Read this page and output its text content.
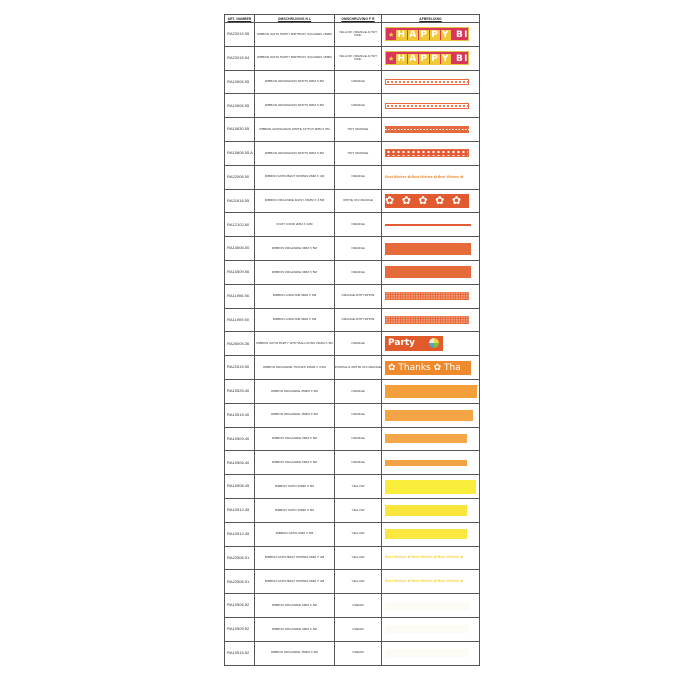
ART. NUMBER	OMSCHRIJVING N L	OMSCHRIJVING F R	AFBEELDING
RA22015.55	RIBBON SATIN HAPPY BIRTHDAY SQUARES 15MM	YELLOW, ORANGE & HOT PINK	★ H A P P Y BI

RA22015.54	RIBBON SATIN HAPPY BIRTHDAY SQUARES 15MM	YELLOW, ORANGE & HOT PINK	★ H A P P Y BI

RA10606.55	RIBBON GROSGRAIN SPOTS 6MM X 5M	ORANGE	

RA10606.55	RIBBON GROSGRAIN SPOTS 9MM X 5M	ORANGE	

RA10630.55	RIBBON GROSGRAIN WHITE STITCH 9MM X 5M	HOT ORANGE	

RA10606.55 A	RIBBON GROSGRAIN SPOTS 9MM X 5M	HOT ORANGE	

RA22506.50	RIBBON SATIN BEST WISHES 6MM X 4M	ORANGE	Best Wishes ✿ Best Wishes ✿ Best Wishes ✿

RA21616.55	RIBBON ORGANDIE DAISY 15MM X 3.5M	WHITE ON ORANGE	✿ ✿ ✿ ✿ ✿ ✿

RA12102.60	KNOT CORD 2MM X 10M	ORANGE	

RA10606.50	RIBBON ORGANDIE 9MM X 5M	ORANGE	

RA10509.56	RIBBON ORGANDIE 9MM X 5M	ORANGE	

RA11906.56	RIBBON GINGHAM 9MM X 5M	ORANGE WITH WHITE	

RA11909.50	RIBBON GINGHAM 9MM X 5M	ORANGE WITH WHITE	

RA26005.36	RIBBON SATIN PARTY WITH BALLOONS 15MM X 3M	ORANGE	Party

RA21615.50	RIBBON ORGANDIE THANKS 15MM X 3.5M	PURPLE & WHITE ON ORANGE	✿ Thanks ✿ Tha

RA10525.40	RIBBON ORGANDIE 25MM X 5M	ORANGE	

RA10515.40	RIBBON ORGANDIE 15MM X 5M	ORANGE	

RA10509.40	RIBBON ORGANDIE 9MM X 5M	ORANGE	

RA10506.40	RIBBON ORGANDIE 6MM X 5M	ORANGE	

RA10508.45	RIBBON SATIN 25MM X 5M	YELLOW	

RA10512.45	RIBBON SATIN 15MM X 5M	YELLOW	

RA10512.45	RIBBON SATIN 9MM X 5M	YELLOW	

RA22506.51	RIBBON SATIN BEST WISHES 6MM X 4M	YELLOW	Best Wishes ✿ Best Wishes ✿ Best Wishes ✿

RA22506.51	RIBBON SATIN BEST WISHES 6MM X 4M	YELLOW	Best Wishes ✿ Best Wishes ✿ Best Wishes ✿

RA10506.52	RIBBON ORGANDIE 6MM X 5M	CREAM	

RA10509.52	RIBBON ORGANDIE 9MM X 5M	CREAM	

RA10515.52	RIBBON ORGANDIE 15MM X 5M	CREAM	
